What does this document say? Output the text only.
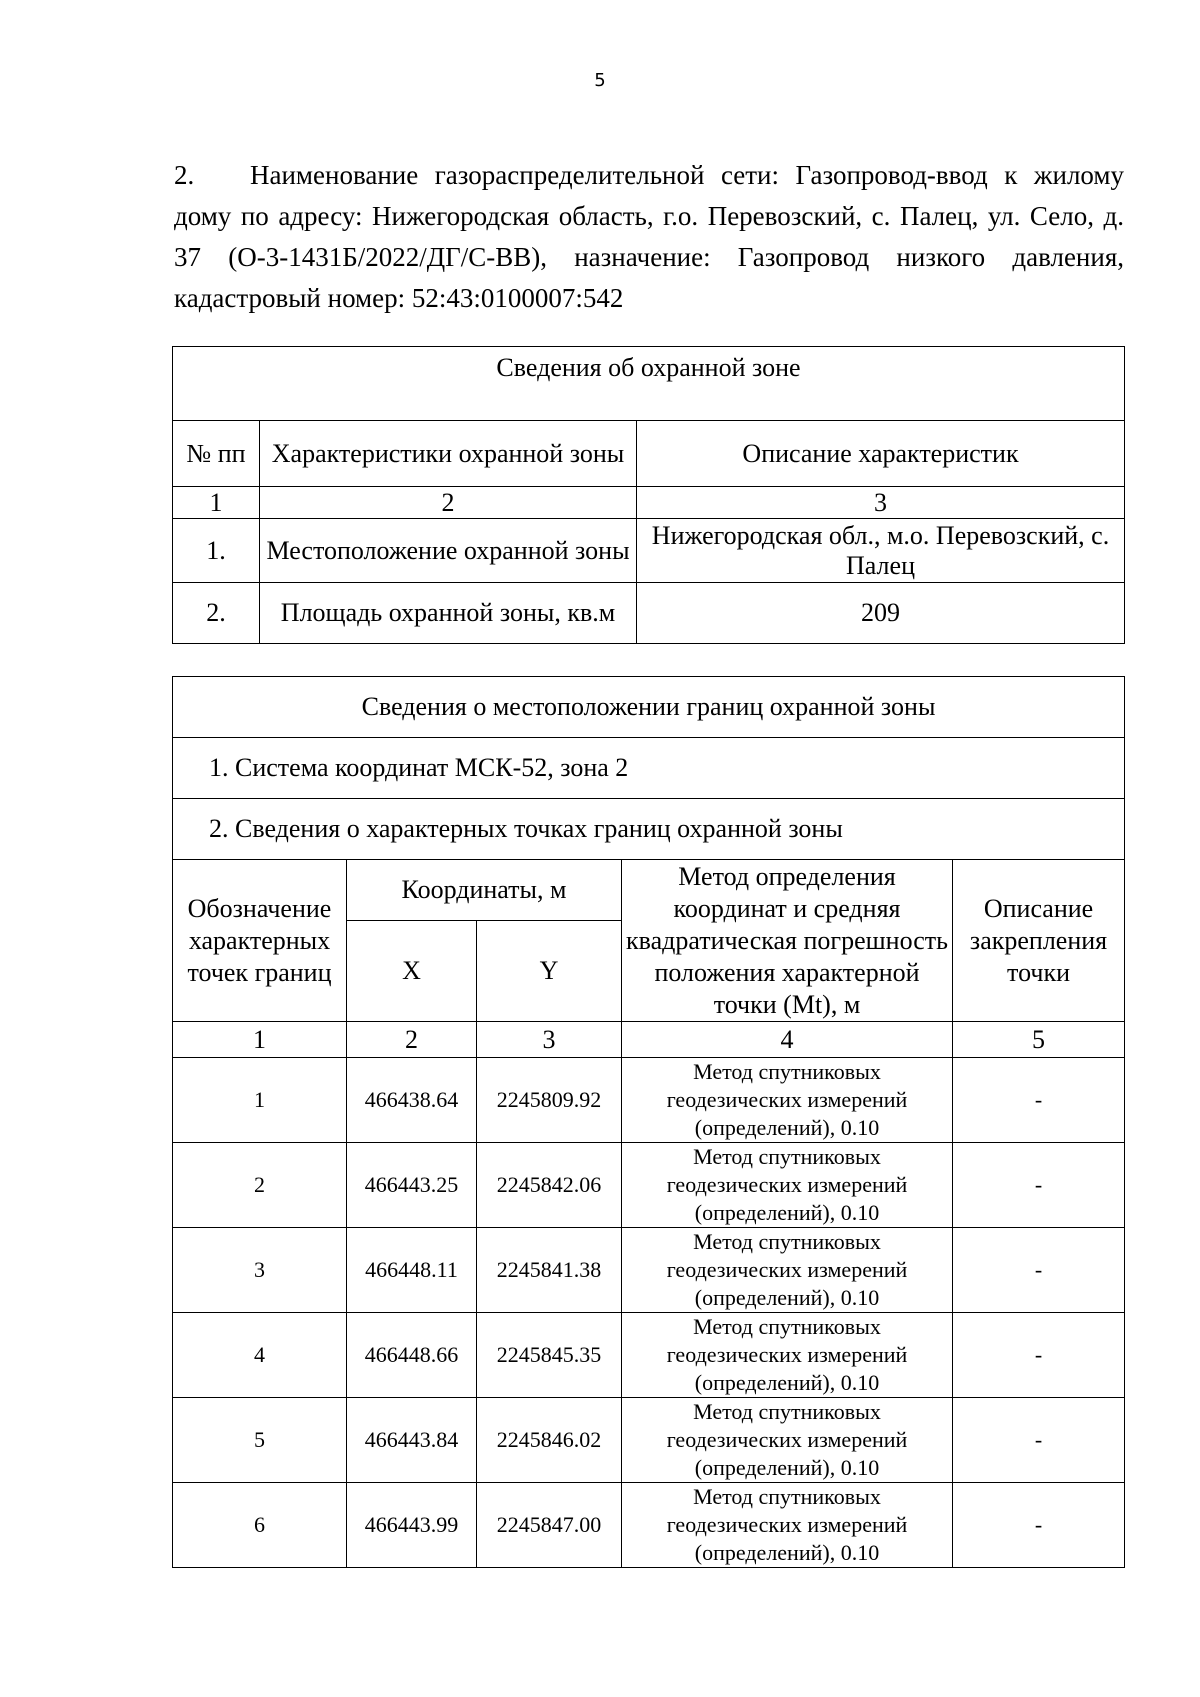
5

2. Наименование газораспределительной сети: Газопровод-ввод к жилому дому по адресу: Нижегородская область, г.о. Перевозский, с. Палец, ул. Село, д. 37 (О-3-1431Б/2022/ДГ/С-ВВ), назначение: Газопровод низкого давления, кадастровый номер: 52:43:0100007:542

Сведения об охранной зоне		
№ пп	Характеристики охранной зоны	Описание характеристик
1	2	3
1.	Местоположение охранной зоны	Нижегородская обл., м.о. Перевозский, с. Палец
2.	Площадь охранной зоны, кв.м	209
Сведения о местоположении границ охранной зоны				
1. Система координат МСК-52, зона 2				
2. Сведения о характерных точках границ охранной зоны				
Обозначение характерных точек границ	Координаты, м		Метод определения координат и средняя квадратическая погрешность положения характерной точки (Mt), м	Описание закрепления точки
	X	Y		
1	2	3	4	5
1	466438.64	2245809.92	Метод спутниковых геодезических измерений (определений), 0.10	-
2	466443.25	2245842.06	Метод спутниковых геодезических измерений (определений), 0.10	-
3	466448.11	2245841.38	Метод спутниковых геодезических измерений (определений), 0.10	-
4	466448.66	2245845.35	Метод спутниковых геодезических измерений (определений), 0.10	-
5	466443.84	2245846.02	Метод спутниковых геодезических измерений (определений), 0.10	-
6	466443.99	2245847.00	Метод спутниковых геодезических измерений (определений), 0.10	-
